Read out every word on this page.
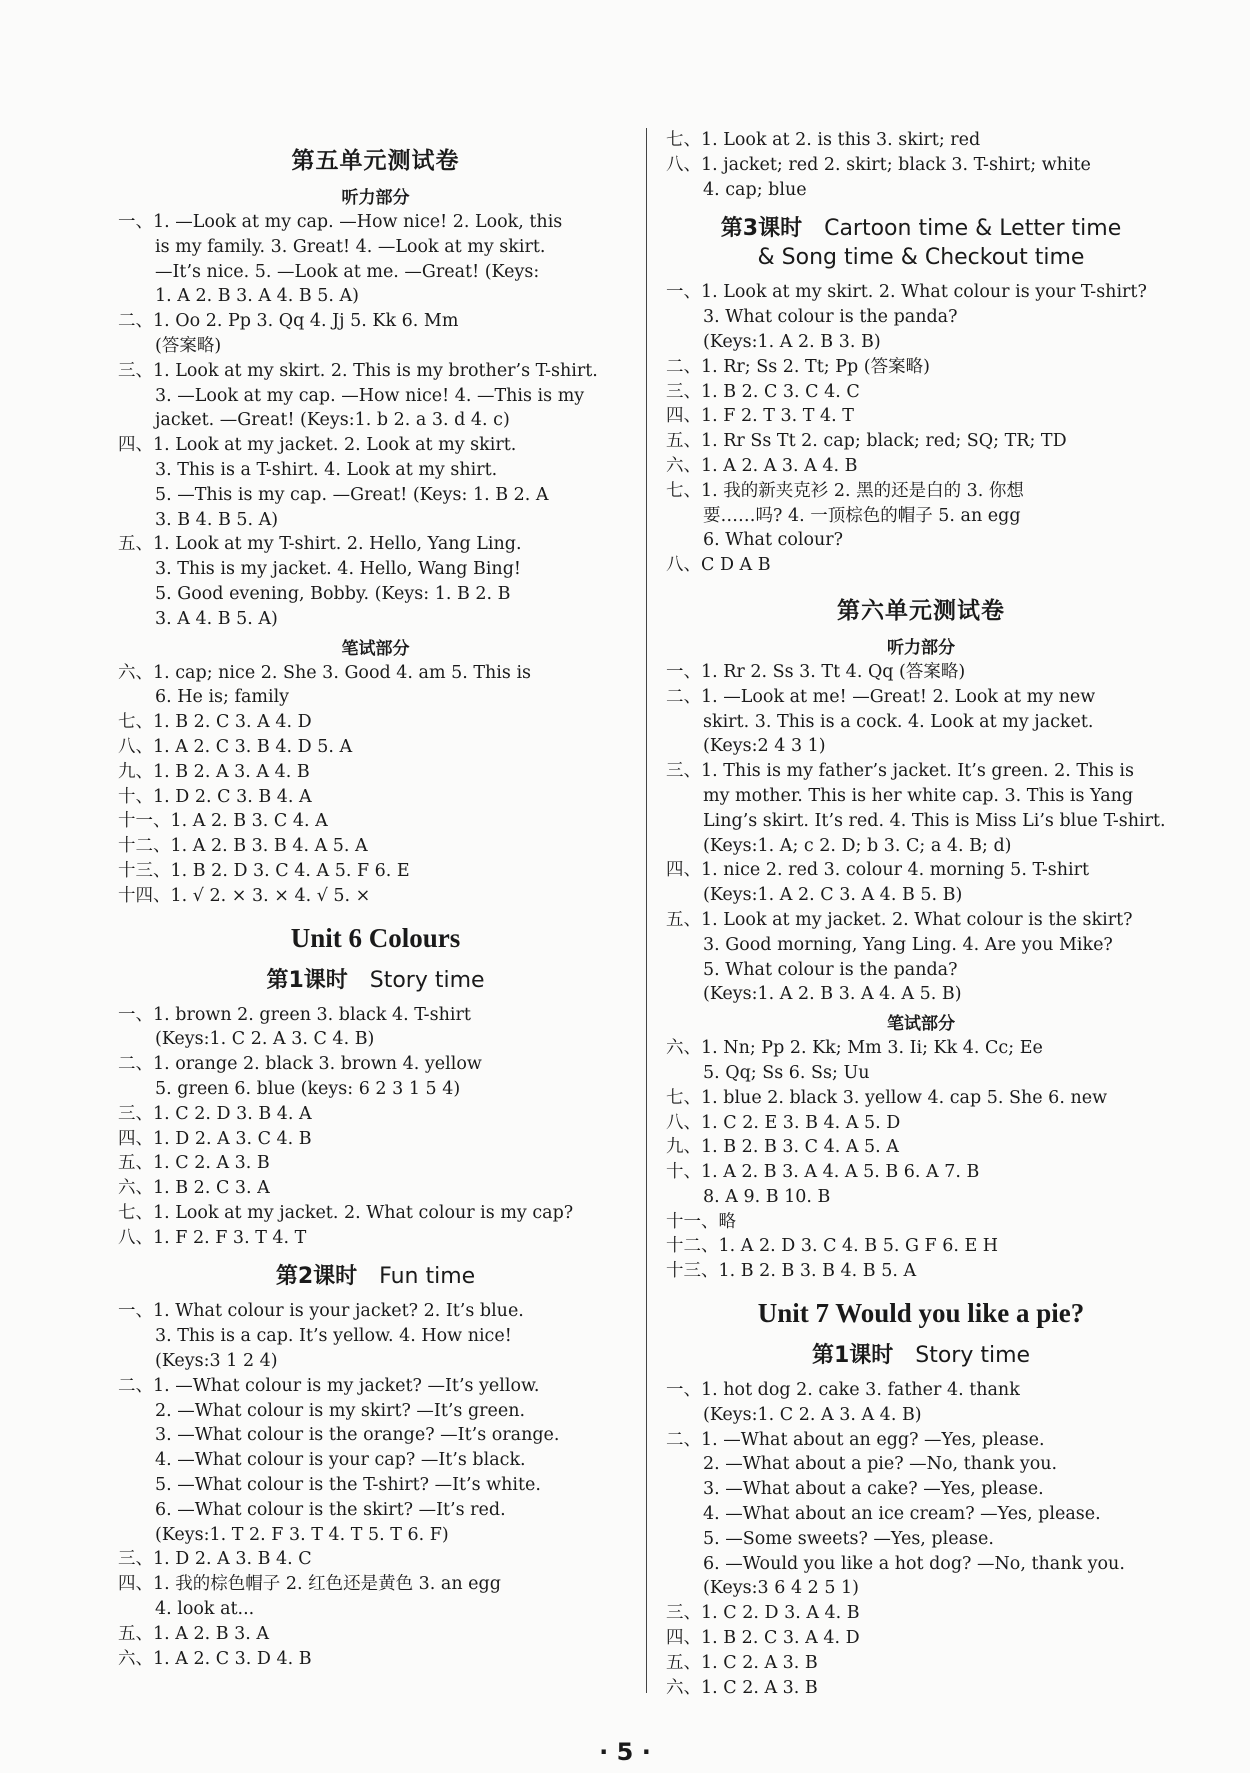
第五单元测试卷
听力部分
一、1. —Look at my cap. —How nice! 2. Look, this
is my family. 3. Great! 4. —Look at my skirt.
—It’s nice. 5. —Look at me. —Great! (Keys:
1. A 2. B 3. A 4. B 5. A)
二、1. Oo 2. Pp 3. Qq 4. Jj 5. Kk 6. Mm
(答案略)
三、1. Look at my skirt. 2. This is my brother’s T-shirt.
3. —Look at my cap. —How nice! 4. —This is my
jacket. —Great! (Keys:1. b 2. a 3. d 4. c)
四、1. Look at my jacket. 2. Look at my skirt.
3. This is a T-shirt. 4. Look at my shirt.
5. —This is my cap. —Great! (Keys: 1. B 2. A
3. B 4. B 5. A)
五、1. Look at my T-shirt. 2. Hello, Yang Ling.
3. This is my jacket. 4. Hello, Wang Bing!
5. Good evening, Bobby. (Keys: 1. B 2. B
3. A 4. B 5. A)
笔试部分
六、1. cap; nice 2. She 3. Good 4. am 5. This is
6. He is; family
七、1. B 2. C 3. A 4. D
八、1. A 2. C 3. B 4. D 5. A
九、1. B 2. A 3. A 4. B
十、1. D 2. C 3. B 4. A
十一、1. A 2. B 3. C 4. A
十二、1. A 2. B 3. B 4. A 5. A
十三、1. B 2. D 3. C 4. A 5. F 6. E
十四、1. √ 2. × 3. × 4. √ 5. ×
Unit 6 Colours
第1课时 Story time
一、1. brown 2. green 3. black 4. T-shirt
(Keys:1. C 2. A 3. C 4. B)
二、1. orange 2. black 3. brown 4. yellow
5. green 6. blue (keys: 6 2 3 1 5 4)
三、1. C 2. D 3. B 4. A
四、1. D 2. A 3. C 4. B
五、1. C 2. A 3. B
六、1. B 2. C 3. A
七、1. Look at my jacket. 2. What colour is my cap?
八、1. F 2. F 3. T 4. T
第2课时 Fun time
一、1. What colour is your jacket? 2. It’s blue.
3. This is a cap. It’s yellow. 4. How nice!
(Keys:3 1 2 4)
二、1. —What colour is my jacket? —It’s yellow.
2. —What colour is my skirt? —It’s green.
3. —What colour is the orange? —It’s orange.
4. —What colour is your cap? —It’s black.
5. —What colour is the T-shirt? —It’s white.
6. —What colour is the skirt? —It’s red.
(Keys:1. T 2. F 3. T 4. T 5. T 6. F)
三、1. D 2. A 3. B 4. C
四、1. 我的棕色帽子 2. 红色还是黄色 3. an egg
4. look at...
五、1. A 2. B 3. A
六、1. A 2. C 3. D 4. B
七、1. Look at 2. is this 3. skirt; red
八、1. jacket; red 2. skirt; black 3. T-shirt; white
4. cap; blue
第3课时 Cartoon time & Letter time
& Song time & Checkout time
一、1. Look at my skirt. 2. What colour is your T-shirt?
3. What colour is the panda?
(Keys:1. A 2. B 3. B)
二、1. Rr; Ss 2. Tt; Pp (答案略)
三、1. B 2. C 3. C 4. C
四、1. F 2. T 3. T 4. T
五、1. Rr Ss Tt 2. cap; black; red; SQ; TR; TD
六、1. A 2. A 3. A 4. B
七、1. 我的新夹克衫 2. 黑的还是白的 3. 你想
要……吗? 4. 一顶棕色的帽子 5. an egg
6. What colour?
八、C D A B
第六单元测试卷
听力部分
一、1. Rr 2. Ss 3. Tt 4. Qq (答案略)
二、1. —Look at me! —Great! 2. Look at my new
skirt. 3. This is a cock. 4. Look at my jacket.
(Keys:2 4 3 1)
三、1. This is my father’s jacket. It’s green. 2. This is
my mother. This is her white cap. 3. This is Yang
Ling’s skirt. It’s red. 4. This is Miss Li’s blue T-shirt.
(Keys:1. A; c 2. D; b 3. C; a 4. B; d)
四、1. nice 2. red 3. colour 4. morning 5. T-shirt
(Keys:1. A 2. C 3. A 4. B 5. B)
五、1. Look at my jacket. 2. What colour is the skirt?
3. Good morning, Yang Ling. 4. Are you Mike?
5. What colour is the panda?
(Keys:1. A 2. B 3. A 4. A 5. B)
笔试部分
六、1. Nn; Pp 2. Kk; Mm 3. Ii; Kk 4. Cc; Ee
5. Qq; Ss 6. Ss; Uu
七、1. blue 2. black 3. yellow 4. cap 5. She 6. new
八、1. C 2. E 3. B 4. A 5. D
九、1. B 2. B 3. C 4. A 5. A
十、1. A 2. B 3. A 4. A 5. B 6. A 7. B
8. A 9. B 10. B
十一、略
十二、1. A 2. D 3. C 4. B 5. G F 6. E H
十三、1. B 2. B 3. B 4. B 5. A
Unit 7 Would you like a pie?
第1课时 Story time
一、1. hot dog 2. cake 3. father 4. thank
(Keys:1. C 2. A 3. A 4. B)
二、1. —What about an egg? —Yes, please.
2. —What about a pie? —No, thank you.
3. —What about a cake? —Yes, please.
4. —What about an ice cream? —Yes, please.
5. —Some sweets? —Yes, please.
6. —Would you like a hot dog? —No, thank you.
(Keys:3 6 4 2 5 1)
三、1. C 2. D 3. A 4. B
四、1. B 2. C 3. A 4. D
五、1. C 2. A 3. B
六、1. C 2. A 3. B
· 5 ·
